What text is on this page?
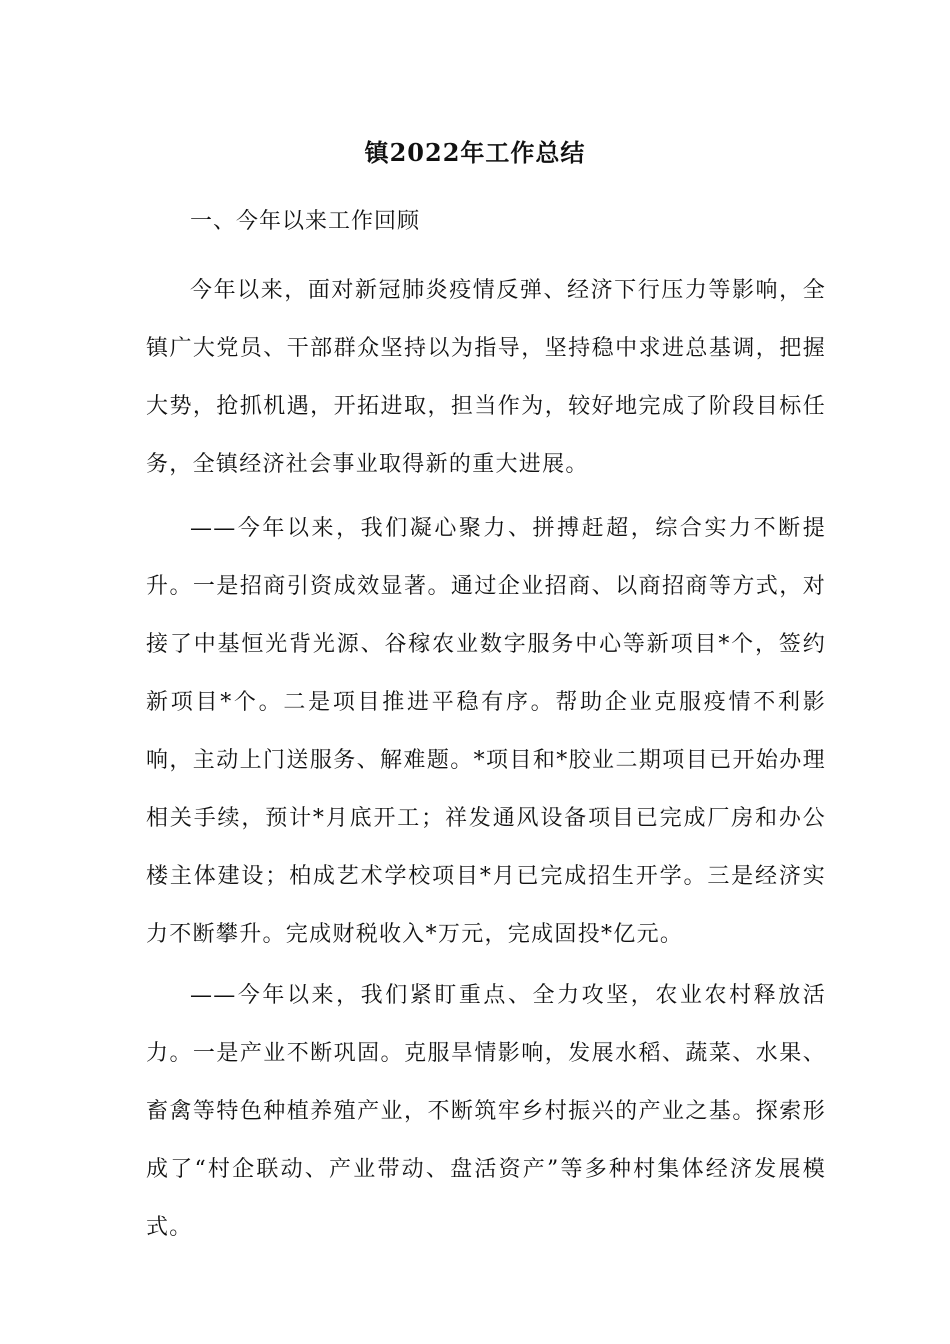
镇2022年工作总结
一、今年以来工作回顾

今年以来，面对新冠肺炎疫情反弹、经济下行压力等影响，全镇广大党员、干部群众坚持以为指导，坚持稳中求进总基调，把握大势，抢抓机遇，开拓进取，担当作为，较好地完成了阶段目标任务，全镇经济社会事业取得新的重大进展。

——今年以来，我们凝心聚力、拼搏赶超，综合实力不断提升。一是招商引资成效显著。通过企业招商、以商招商等方式，对接了中基恒光背光源、谷稼农业数字服务中心等新项目*个，签约新项目*个。二是项目推进平稳有序。帮助企业克服疫情不利影响，主动上门送服务、解难题。*项目和*胶业二期项目已开始办理相关手续，预计*月底开工；祥发通风设备项目已完成厂房和办公楼主体建设；柏成艺术学校项目*月已完成招生开学。三是经济实力不断攀升。完成财税收入*万元，完成固投*亿元。

——今年以来，我们紧盯重点、全力攻坚，农业农村释放活力。一是产业不断巩固。克服旱情影响，发展水稻、蔬菜、水果、畜禽等特色种植养殖产业，不断筑牢乡村振兴的产业之基。探索形成了“村企联动、产业带动、盘活资产”等多种村集体经济发展模式。
